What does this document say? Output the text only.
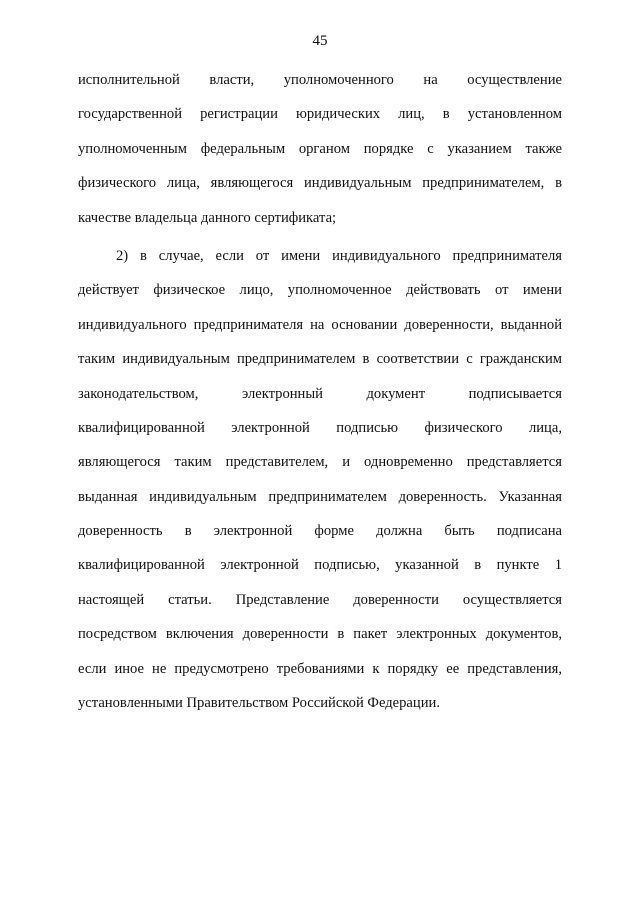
45
исполнительной власти, уполномоченного на осуществление
государственной регистрации юридических лиц, в установленном
уполномоченным федеральным органом порядке с указанием также
физического лица, являющегося индивидуальным предпринимателем, в
качестве владельца данного сертификата;
2) в случае, если от имени индивидуального предпринимателя
действует физическое лицо, уполномоченное действовать от имени
индивидуального предпринимателя на основании доверенности, выданной
таким индивидуальным предпринимателем в соответствии с гражданским
законодательством, электронный документ подписывается
квалифицированной электронной подписью физического лица,
являющегося таким представителем, и одновременно представляется
выданная индивидуальным предпринимателем доверенность. Указанная
доверенность в электронной форме должна быть подписана
квалифицированной электронной подписью, указанной в пункте 1
настоящей статьи. Представление доверенности осуществляется
посредством включения доверенности в пакет электронных документов,
если иное не предусмотрено требованиями к порядку ее представления,
установленными Правительством Российской Федерации.
